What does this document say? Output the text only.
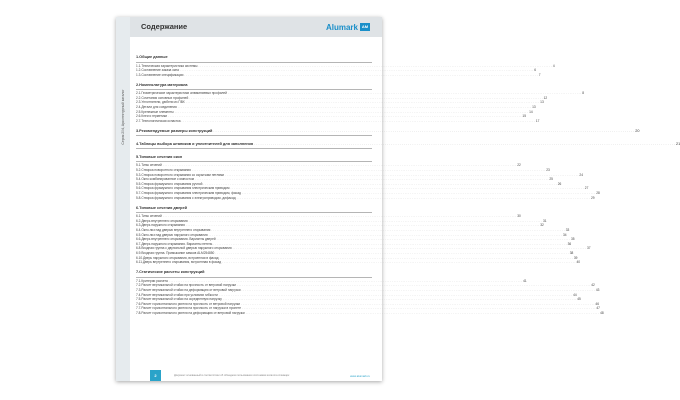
Серия 204, Архитектурный каталог
Содержание	Alumark AM
1. Общие данные
1.1. Техническая характеристика системы . . . . . . . . . . . . . . . . . . . . . . . . . . . . . . . . . . . . . . . . . . . . . . . . . . . . . . . . . . . . . . . . . . . . . . . . . . . . . . . . . . . . . . . . . . . . . . . . . . . . . . . . . . . . . . . . . . . . . . . . . . . . . . . . . . . . . . . . . . . . . . . . . . . . . . . . . . . . . . . . . . . . . . . . . . . . . . . . . . . . . . . . . . . . . . . . . . . . . . . . 4
1.2. Составление заказа окна . . . . . . . . . . . . . . . . . . . . . . . . . . . . . . . . . . . . . . . . . . . . . . . . . . . . . . . . . . . . . . . . . . . . . . . . . . . . . . . . . . . . . . . . . . . . . . . . . . . . . . . . . . . . . . . . . . . . . . . . . . . . . . . . . . . . . . . . . . . . . . . . . . . . . . . . . . . . . . . . . . . . . . . . . . . . . . . . . . . . . . . . . . . . . . . . . . . . . . . . 6
1.3. Составление спецификации . . . . . . . . . . . . . . . . . . . . . . . . . . . . . . . . . . . . . . . . . . . . . . . . . . . . . . . . . . . . . . . . . . . . . . . . . . . . . . . . . . . . . . . . . . . . . . . . . . . . . . . . . . . . . . . . . . . . . . . . . . . . . . . . . . . . . . . . . . . . . . . . . . . . . . . . . . . . . . . . . . . . . . . . . . . . . . . . . . . . . . . . . . . . . . . . . . . . . . . . 7
2. Номенклатура материала
2.1. Геометрические характеристики алюминиевых профилей . . . . . . . . . . . . . . . . . . . . . . . . . . . . . . . . . . . . . . . . . . . . . . . . . . . . . . . . . . . . . . . . . . . . . . . . . . . . . . . . . . . . . . . . . . . . . . . . . . . . . . . . . . . . . . . . . . . . . . . . . . . . . . . . . . . . . . . . . . . . . . . . . . . . . . . . . . . . . . . . . . . . . . . . . . . . . . . . . . . . . . . . . . . . . . . . . . . . . . . . 8
2.2. Сочетания основных профилей . . . . . . . . . . . . . . . . . . . . . . . . . . . . . . . . . . . . . . . . . . . . . . . . . . . . . . . . . . . . . . . . . . . . . . . . . . . . . . . . . . . . . . . . . . . . . . . . . . . . . . . . . . . . . . . . . . . . . . . . . . . . . . . . . . . . . . . . . . . . . . . . . . . . . . . . . . . . . . . . . . . . . . . . . . . . . . . . . . . . . . . . . . . . . . . . . . . . . . . . 12
2.3. Уплотнители, дюбели из ПВХ . . . . . . . . . . . . . . . . . . . . . . . . . . . . . . . . . . . . . . . . . . . . . . . . . . . . . . . . . . . . . . . . . . . . . . . . . . . . . . . . . . . . . . . . . . . . . . . . . . . . . . . . . . . . . . . . . . . . . . . . . . . . . . . . . . . . . . . . . . . . . . . . . . . . . . . . . . . . . . . . . . . . . . . . . . . . . . . . . . . . . . . . . . . . . . . . . . . . . . . . 13
2.4. Детали для соединения . . . . . . . . . . . . . . . . . . . . . . . . . . . . . . . . . . . . . . . . . . . . . . . . . . . . . . . . . . . . . . . . . . . . . . . . . . . . . . . . . . . . . . . . . . . . . . . . . . . . . . . . . . . . . . . . . . . . . . . . . . . . . . . . . . . . . . . . . . . . . . . . . . . . . . . . . . . . . . . . . . . . . . . . . . . . . . . . . . . . . . . . . . . . . . . . . . . . . . . . 13
2.5. Крепежные элементы . . . . . . . . . . . . . . . . . . . . . . . . . . . . . . . . . . . . . . . . . . . . . . . . . . . . . . . . . . . . . . . . . . . . . . . . . . . . . . . . . . . . . . . . . . . . . . . . . . . . . . . . . . . . . . . . . . . . . . . . . . . . . . . . . . . . . . . . . . . . . . . . . . . . . . . . . . . . . . . . . . . . . . . . . . . . . . . . . . . . . . . . . . . . . . . . . . . . . . . . 14
2.6. Клеи и герметики . . . . . . . . . . . . . . . . . . . . . . . . . . . . . . . . . . . . . . . . . . . . . . . . . . . . . . . . . . . . . . . . . . . . . . . . . . . . . . . . . . . . . . . . . . . . . . . . . . . . . . . . . . . . . . . . . . . . . . . . . . . . . . . . . . . . . . . . . . . . . . . . . . . . . . . . . . . . . . . . . . . . . . . . . . . . . . . . . . . . . . . . . . . . . . . . . . . . . . . . 15
2.7. Технологическая оснастка . . . . . . . . . . . . . . . . . . . . . . . . . . . . . . . . . . . . . . . . . . . . . . . . . . . . . . . . . . . . . . . . . . . . . . . . . . . . . . . . . . . . . . . . . . . . . . . . . . . . . . . . . . . . . . . . . . . . . . . . . . . . . . . . . . . . . . . . . . . . . . . . . . . . . . . . . . . . . . . . . . . . . . . . . . . . . . . . . . . . . . . . . . . . . . . . . . . . . . . . 17
3. Рекомендуемые размеры конструкций . . . . . . . . . . . . . . . . . . . . . . . . . . . . . . . . . . . . . . . . . . . . . . . . . . . . . . . . . . . . . . . . . . . . . . . . . . . . . . . . . . . . . . . . . . . . . . . . . . . . . . . . . . . . . . . . . . . . . . . . . . . . . . . . . . . . . . . . . . . . . . . . . . . . . . . . . . . . . . . . . . . . . . . . . . . . . . . . . . . . . . . . . . . . . . . . . . . . . . . . 20
4. Таблицы выбора штапиков и уплотнителей для заполнения . . . . . . . . . . . . . . . . . . . . . . . . . . . . . . . . . . . . . . . . . . . . . . . . . . . . . . . . . . . . . . . . . . . . . . . . . . . . . . . . . . . . . . . . . . . . . . . . . . . . . . . . . . . . . . . . . . . . . . . . . . . . . . . . . . . . . . . . . . . . . . . . . . . . . . . . . . . . . . . . . . . . . . . . . . . . . . . . . . . . . . . . . . . . . . . . . . . . . . . . 21
5. Типовые сечения окон
5.1. Типы сечений . . . . . . . . . . . . . . . . . . . . . . . . . . . . . . . . . . . . . . . . . . . . . . . . . . . . . . . . . . . . . . . . . . . . . . . . . . . . . . . . . . . . . . . . . . . . . . . . . . . . . . . . . . . . . . . . . . . . . . . . . . . . . . . . . . . . . . . . . . . . . . . . . . . . . . . . . . . . . . . . . . . . . . . . . . . . . . . . . . . . . . . . . . . . . . . . . . . . . . . . 22
5.2. Створка поворотного открывания . . . . . . . . . . . . . . . . . . . . . . . . . . . . . . . . . . . . . . . . . . . . . . . . . . . . . . . . . . . . . . . . . . . . . . . . . . . . . . . . . . . . . . . . . . . . . . . . . . . . . . . . . . . . . . . . . . . . . . . . . . . . . . . . . . . . . . . . . . . . . . . . . . . . . . . . . . . . . . . . . . . . . . . . . . . . . . . . . . . . . . . . . . . . . . . . . . . . . . . . 23
5.3. Створка поворотного открывания со скрытыми петлями . . . . . . . . . . . . . . . . . . . . . . . . . . . . . . . . . . . . . . . . . . . . . . . . . . . . . . . . . . . . . . . . . . . . . . . . . . . . . . . . . . . . . . . . . . . . . . . . . . . . . . . . . . . . . . . . . . . . . . . . . . . . . . . . . . . . . . . . . . . . . . . . . . . . . . . . . . . . . . . . . . . . . . . . . . . . . . . . . . . . . . . . . . . . . . . . . . . . . . . . 24
5.4. Окно комбинированное с импостом . . . . . . . . . . . . . . . . . . . . . . . . . . . . . . . . . . . . . . . . . . . . . . . . . . . . . . . . . . . . . . . . . . . . . . . . . . . . . . . . . . . . . . . . . . . . . . . . . . . . . . . . . . . . . . . . . . . . . . . . . . . . . . . . . . . . . . . . . . . . . . . . . . . . . . . . . . . . . . . . . . . . . . . . . . . . . . . . . . . . . . . . . . . . . . . . . . . . . . . . 25
5.5. Створка фрамужного открывания ручной . . . . . . . . . . . . . . . . . . . . . . . . . . . . . . . . . . . . . . . . . . . . . . . . . . . . . . . . . . . . . . . . . . . . . . . . . . . . . . . . . . . . . . . . . . . . . . . . . . . . . . . . . . . . . . . . . . . . . . . . . . . . . . . . . . . . . . . . . . . . . . . . . . . . . . . . . . . . . . . . . . . . . . . . . . . . . . . . . . . . . . . . . . . . . . . . . . . . . . . . 26
5.6. Створка фрамужного открывания электрическим приводом . . . . . . . . . . . . . . . . . . . . . . . . . . . . . . . . . . . . . . . . . . . . . . . . . . . . . . . . . . . . . . . . . . . . . . . . . . . . . . . . . . . . . . . . . . . . . . . . . . . . . . . . . . . . . . . . . . . . . . . . . . . . . . . . . . . . . . . . . . . . . . . . . . . . . . . . . . . . . . . . . . . . . . . . . . . . . . . . . . . . . . . . . . . . . . . . . . . . . . . . 27
5.7. Створка фрамужного открывания электрическим приводом, фасад . . . . . . . . . . . . . . . . . . . . . . . . . . . . . . . . . . . . . . . . . . . . . . . . . . . . . . . . . . . . . . . . . . . . . . . . . . . . . . . . . . . . . . . . . . . . . . . . . . . . . . . . . . . . . . . . . . . . . . . . . . . . . . . . . . . . . . . . . . . . . . . . . . . . . . . . . . . . . . . . . . . . . . . . . . . . . . . . . . . . . . . . . . . . . . . . . . . . . . . . 28
5.8. Створка фрамужного открывания с электроприводом, дифасад . . . . . . . . . . . . . . . . . . . . . . . . . . . . . . . . . . . . . . . . . . . . . . . . . . . . . . . . . . . . . . . . . . . . . . . . . . . . . . . . . . . . . . . . . . . . . . . . . . . . . . . . . . . . . . . . . . . . . . . . . . . . . . . . . . . . . . . . . . . . . . . . . . . . . . . . . . . . . . . . . . . . . . . . . . . . . . . . . . . . . . . . . . . . . . . . . . . . . . . . 29
6. Типовые сечения дверей
6.1. Типы сечений . . . . . . . . . . . . . . . . . . . . . . . . . . . . . . . . . . . . . . . . . . . . . . . . . . . . . . . . . . . . . . . . . . . . . . . . . . . . . . . . . . . . . . . . . . . . . . . . . . . . . . . . . . . . . . . . . . . . . . . . . . . . . . . . . . . . . . . . . . . . . . . . . . . . . . . . . . . . . . . . . . . . . . . . . . . . . . . . . . . . . . . . . . . . . . . . . . . . . . . . 30
6.2. Дверь внутреннего открывания . . . . . . . . . . . . . . . . . . . . . . . . . . . . . . . . . . . . . . . . . . . . . . . . . . . . . . . . . . . . . . . . . . . . . . . . . . . . . . . . . . . . . . . . . . . . . . . . . . . . . . . . . . . . . . . . . . . . . . . . . . . . . . . . . . . . . . . . . . . . . . . . . . . . . . . . . . . . . . . . . . . . . . . . . . . . . . . . . . . . . . . . . . . . . . . . . . . . . . . . 31
6.3. Дверь наружного открывания . . . . . . . . . . . . . . . . . . . . . . . . . . . . . . . . . . . . . . . . . . . . . . . . . . . . . . . . . . . . . . . . . . . . . . . . . . . . . . . . . . . . . . . . . . . . . . . . . . . . . . . . . . . . . . . . . . . . . . . . . . . . . . . . . . . . . . . . . . . . . . . . . . . . . . . . . . . . . . . . . . . . . . . . . . . . . . . . . . . . . . . . . . . . . . . . . . . . . . . . 32
6.4. Окно-низ над дверью внутреннего открывания . . . . . . . . . . . . . . . . . . . . . . . . . . . . . . . . . . . . . . . . . . . . . . . . . . . . . . . . . . . . . . . . . . . . . . . . . . . . . . . . . . . . . . . . . . . . . . . . . . . . . . . . . . . . . . . . . . . . . . . . . . . . . . . . . . . . . . . . . . . . . . . . . . . . . . . . . . . . . . . . . . . . . . . . . . . . . . . . . . . . . . . . . . . . . . . . . . . . . . . . 33
6.5. Окно-низ над дверью наружного открывания . . . . . . . . . . . . . . . . . . . . . . . . . . . . . . . . . . . . . . . . . . . . . . . . . . . . . . . . . . . . . . . . . . . . . . . . . . . . . . . . . . . . . . . . . . . . . . . . . . . . . . . . . . . . . . . . . . . . . . . . . . . . . . . . . . . . . . . . . . . . . . . . . . . . . . . . . . . . . . . . . . . . . . . . . . . . . . . . . . . . . . . . . . . . . . . . . . . . . . . . 34
6.6. Дверь внутреннего открывания. Варианты дверей . . . . . . . . . . . . . . . . . . . . . . . . . . . . . . . . . . . . . . . . . . . . . . . . . . . . . . . . . . . . . . . . . . . . . . . . . . . . . . . . . . . . . . . . . . . . . . . . . . . . . . . . . . . . . . . . . . . . . . . . . . . . . . . . . . . . . . . . . . . . . . . . . . . . . . . . . . . . . . . . . . . . . . . . . . . . . . . . . . . . . . . . . . . . . . . . . . . . . . . . 35
6.7. Дверь наружного открывания. Варианты петель . . . . . . . . . . . . . . . . . . . . . . . . . . . . . . . . . . . . . . . . . . . . . . . . . . . . . . . . . . . . . . . . . . . . . . . . . . . . . . . . . . . . . . . . . . . . . . . . . . . . . . . . . . . . . . . . . . . . . . . . . . . . . . . . . . . . . . . . . . . . . . . . . . . . . . . . . . . . . . . . . . . . . . . . . . . . . . . . . . . . . . . . . . . . . . . . . . . . . . . . 36
6.8. Входная группа с двупольной дверью наружного открывания . . . . . . . . . . . . . . . . . . . . . . . . . . . . . . . . . . . . . . . . . . . . . . . . . . . . . . . . . . . . . . . . . . . . . . . . . . . . . . . . . . . . . . . . . . . . . . . . . . . . . . . . . . . . . . . . . . . . . . . . . . . . . . . . . . . . . . . . . . . . . . . . . . . . . . . . . . . . . . . . . . . . . . . . . . . . . . . . . . . . . . . . . . . . . . . . . . . . . . . . 37
6.9. Входная группа. Примыкание замков ALM254850 . . . . . . . . . . . . . . . . . . . . . . . . . . . . . . . . . . . . . . . . . . . . . . . . . . . . . . . . . . . . . . . . . . . . . . . . . . . . . . . . . . . . . . . . . . . . . . . . . . . . . . . . . . . . . . . . . . . . . . . . . . . . . . . . . . . . . . . . . . . . . . . . . . . . . . . . . . . . . . . . . . . . . . . . . . . . . . . . . . . . . . . . . . . . . . . . . . . . . . . . 38
6.10. Дверь наружного открывания, встроенная в фасад . . . . . . . . . . . . . . . . . . . . . . . . . . . . . . . . . . . . . . . . . . . . . . . . . . . . . . . . . . . . . . . . . . . . . . . . . . . . . . . . . . . . . . . . . . . . . . . . . . . . . . . . . . . . . . . . . . . . . . . . . . . . . . . . . . . . . . . . . . . . . . . . . . . . . . . . . . . . . . . . . . . . . . . . . . . . . . . . . . . . . . . . . . . . . . . . . . . . . . . . 39
6.11. Дверь внутреннего открывания, встроенная в фасад . . . . . . . . . . . . . . . . . . . . . . . . . . . . . . . . . . . . . . . . . . . . . . . . . . . . . . . . . . . . . . . . . . . . . . . . . . . . . . . . . . . . . . . . . . . . . . . . . . . . . . . . . . . . . . . . . . . . . . . . . . . . . . . . . . . . . . . . . . . . . . . . . . . . . . . . . . . . . . . . . . . . . . . . . . . . . . . . . . . . . . . . . . . . . . . . . . . . . . . . 40
7. Статические расчеты конструкций
7.1. Критерии расчета . . . . . . . . . . . . . . . . . . . . . . . . . . . . . . . . . . . . . . . . . . . . . . . . . . . . . . . . . . . . . . . . . . . . . . . . . . . . . . . . . . . . . . . . . . . . . . . . . . . . . . . . . . . . . . . . . . . . . . . . . . . . . . . . . . . . . . . . . . . . . . . . . . . . . . . . . . . . . . . . . . . . . . . . . . . . . . . . . . . . . . . . . . . . . . . . . . . . . . . . 41
7.2. Расчет вертикальной стойки на прочность от ветровой нагрузки . . . . . . . . . . . . . . . . . . . . . . . . . . . . . . . . . . . . . . . . . . . . . . . . . . . . . . . . . . . . . . . . . . . . . . . . . . . . . . . . . . . . . . . . . . . . . . . . . . . . . . . . . . . . . . . . . . . . . . . . . . . . . . . . . . . . . . . . . . . . . . . . . . . . . . . . . . . . . . . . . . . . . . . . . . . . . . . . . . . . . . . . . . . . . . . . . . . . . . . . 42
7.3. Расчет вертикальной стойки на деформацию от ветровой нагрузки . . . . . . . . . . . . . . . . . . . . . . . . . . . . . . . . . . . . . . . . . . . . . . . . . . . . . . . . . . . . . . . . . . . . . . . . . . . . . . . . . . . . . . . . . . . . . . . . . . . . . . . . . . . . . . . . . . . . . . . . . . . . . . . . . . . . . . . . . . . . . . . . . . . . . . . . . . . . . . . . . . . . . . . . . . . . . . . . . . . . . . . . . . . . . . . . . . . . . . . . 43
7.4. Расчет вертикальной стойки при условиях гибкости . . . . . . . . . . . . . . . . . . . . . . . . . . . . . . . . . . . . . . . . . . . . . . . . . . . . . . . . . . . . . . . . . . . . . . . . . . . . . . . . . . . . . . . . . . . . . . . . . . . . . . . . . . . . . . . . . . . . . . . . . . . . . . . . . . . . . . . . . . . . . . . . . . . . . . . . . . . . . . . . . . . . . . . . . . . . . . . . . . . . . . . . . . . . . . . . . . . . . . . . 44
7.5. Расчет вертикальной стойки на осредненную нагрузку . . . . . . . . . . . . . . . . . . . . . . . . . . . . . . . . . . . . . . . . . . . . . . . . . . . . . . . . . . . . . . . . . . . . . . . . . . . . . . . . . . . . . . . . . . . . . . . . . . . . . . . . . . . . . . . . . . . . . . . . . . . . . . . . . . . . . . . . . . . . . . . . . . . . . . . . . . . . . . . . . . . . . . . . . . . . . . . . . . . . . . . . . . . . . . . . . . . . . . . . 45
7.6. Расчет горизонтального ригеля на прочность от ветровой нагрузки . . . . . . . . . . . . . . . . . . . . . . . . . . . . . . . . . . . . . . . . . . . . . . . . . . . . . . . . . . . . . . . . . . . . . . . . . . . . . . . . . . . . . . . . . . . . . . . . . . . . . . . . . . . . . . . . . . . . . . . . . . . . . . . . . . . . . . . . . . . . . . . . . . . . . . . . . . . . . . . . . . . . . . . . . . . . . . . . . . . . . . . . . . . . . . . . . . . . . . . . 46
7.7. Расчет горизонтального ригеля на прочность от нагрузки в пролете . . . . . . . . . . . . . . . . . . . . . . . . . . . . . . . . . . . . . . . . . . . . . . . . . . . . . . . . . . . . . . . . . . . . . . . . . . . . . . . . . . . . . . . . . . . . . . . . . . . . . . . . . . . . . . . . . . . . . . . . . . . . . . . . . . . . . . . . . . . . . . . . . . . . . . . . . . . . . . . . . . . . . . . . . . . . . . . . . . . . . . . . . . . . . . . . . . . . . . . . 47
7.8. Расчет горизонтального ригеля на деформацию от ветровой нагрузки . . . . . . . . . . . . . . . . . . . . . . . . . . . . . . . . . . . . . . . . . . . . . . . . . . . . . . . . . . . . . . . . . . . . . . . . . . . . . . . . . . . . . . . . . . . . . . . . . . . . . . . . . . . . . . . . . . . . . . . . . . . . . . . . . . . . . . . . . . . . . . . . . . . . . . . . . . . . . . . . . . . . . . . . . . . . . . . . . . . . . . . . . . . . . . . . . . . . . . . . 48
2	Документ основанный в соответствии об обоюдном пользовании системами каталога Алюмарк	www.alumark.ru
